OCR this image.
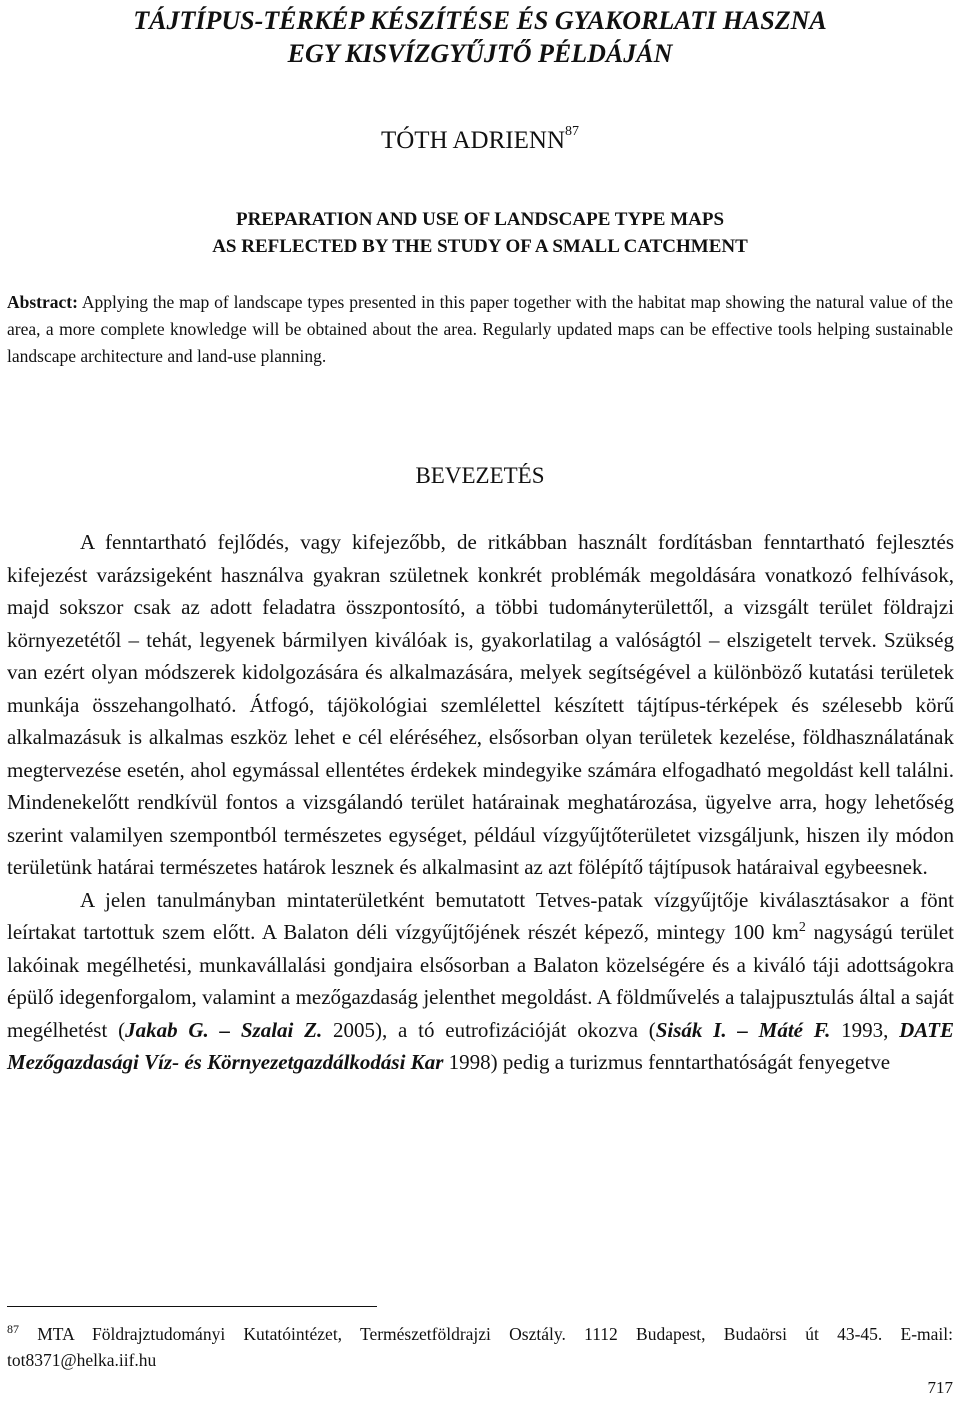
TÁJTÍPUS-TÉRKÉP KÉSZÍTÉSE ÉS GYAKORLATI HASZNA
EGY KISVÍZGYŰJTŐ PÉLDÁJÁN
TÓTH ADRIENN$^{87}$
PREPARATION AND USE OF LANDSCAPE TYPE MAPS
AS REFLECTED BY THE STUDY OF A SMALL CATCHMENT
Abstract: Applying the map of landscape types presented in this paper together with the habitat map showing the natural value of the area, a more complete knowledge will be obtained about the area. Regularly updated maps can be effective tools helping sustainable landscape architecture and land-use planning.
BEVEZETÉS

A fenntartható fejlődés, vagy kifejezőbb, de ritkábban használt fordításban fenntartható fejlesztés kifejezést varázsigeként használva gyakran születnek konkrét problémák megoldására vonatkozó felhívások, majd sokszor csak az adott feladatra összpontosító, a többi tudományterülettől, a vizsgált terület földrajzi környezetétől – tehát, legyenek bármilyen kiválóak is, gyakorlatilag a valóságtól – elszigetelt tervek. Szükség van ezért olyan módszerek kidolgozására és alkalmazására, melyek segítségével a különböző kutatási területek munkája összehangolható. Átfogó, tájökológiai szemlélettel készített tájtípus-térképek és szélesebb körű alkalmazásuk is alkalmas eszköz lehet e cél eléréséhez, elsősorban olyan területek kezelése, földhasználatának megtervezése esetén, ahol egymással ellentétes érdekek mindegyike számára elfogadható megoldást kell találni. Mindenekelőtt rendkívül fontos a vizsgálandó terület határainak meghatározása, ügyelve arra, hogy lehetőség szerint valamilyen szempontból természetes egységet, például vízgyűjtőterületet vizsgáljunk, hiszen ily módon területünk határai természetes határok lesznek és alkalmasint az azt fölépítő tájtípusok határaival egybeesnek.

A jelen tanulmányban mintaterületként bemutatott Tetves-patak vízgyűjtője kiválasztásakor a fönt leírtakat tartottuk szem előtt. A Balaton déli vízgyűjtőjének részét képező, mintegy 100 $km^2$ nagyságú terület lakóinak megélhetési, munkavállalási gondjaira elsősorban a Balaton közelségére és a kiváló táji adottságokra épülő idegenforgalom, valamint a mezőgazdaság jelenthet megoldást. A földművelés a talajpusztulás által a saját megélhetést (Jakab G. – Szalai Z. 2005), a tó eutrofizációját okozva (Sisák I. – Máté F. 1993, DATE Mezőgazdasági Víz- és Környezetgazdálkodási Kar 1998) pedig a turizmus fenntarthatóságát fenyegetve

$^{87}$ MTA Földrajztudományi Kutatóintézet, Természetföldrajzi Osztály. 1112 Budapest, Budaörsi út 43-45. E-mail: tot8371@helka.iif.hu
717
